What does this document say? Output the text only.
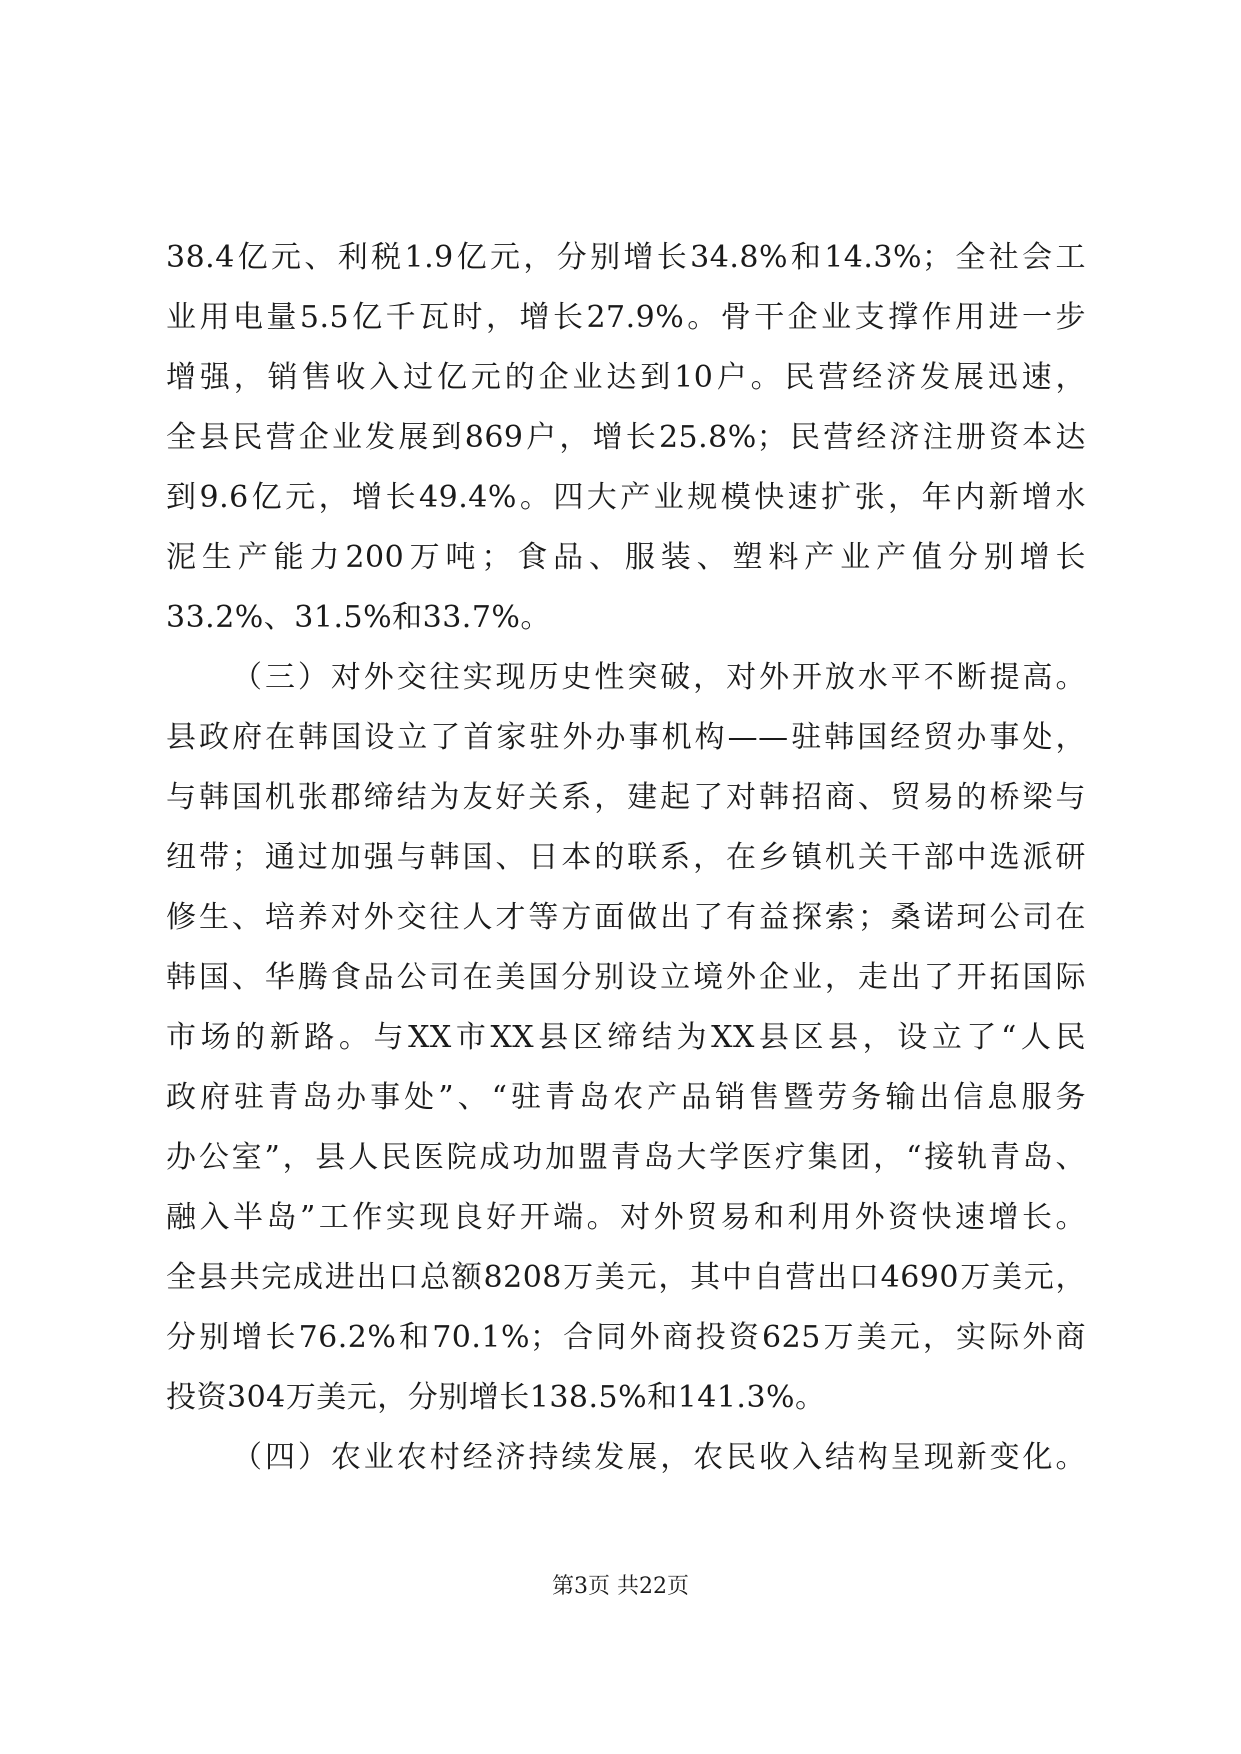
38.4亿元、利税1.9亿元，分别增长34.8%和14.3%；全社会工
业用电量5.5亿千瓦时，增长27.9%。骨干企业支撑作用进一步
增强，销售收入过亿元的企业达到10户。民营经济发展迅速，
全县民营企业发展到869户，增长25.8%；民营经济注册资本达
到9.6亿元，增长49.4%。四大产业规模快速扩张，年内新增水
泥生产能力200万吨；食品、服装、塑料产业产值分别增长
33.2%、31.5%和33.7%。
（三）对外交往实现历史性突破，对外开放水平不断提高。
县政府在韩国设立了首家驻外办事机构——驻韩国经贸办事处，
与韩国机张郡缔结为友好关系，建起了对韩招商、贸易的桥梁与
纽带；通过加强与韩国、日本的联系，在乡镇机关干部中选派研
修生、培养对外交往人才等方面做出了有益探索；桑诺珂公司在
韩国、华腾食品公司在美国分别设立境外企业，走出了开拓国际
市场的新路。与XX市XX县区缔结为XX县区县，设立了“人民
政府驻青岛办事处”、“驻青岛农产品销售暨劳务输出信息服务
办公室”，县人民医院成功加盟青岛大学医疗集团，“接轨青岛、
融入半岛”工作实现良好开端。对外贸易和利用外资快速增长。
全县共完成进出口总额8208万美元，其中自营出口4690万美元，
分别增长76.2%和70.1%；合同外商投资625万美元，实际外商
投资304万美元，分别增长138.5%和141.3%。
（四）农业农村经济持续发展，农民收入结构呈现新变化。
第3页 共22页
